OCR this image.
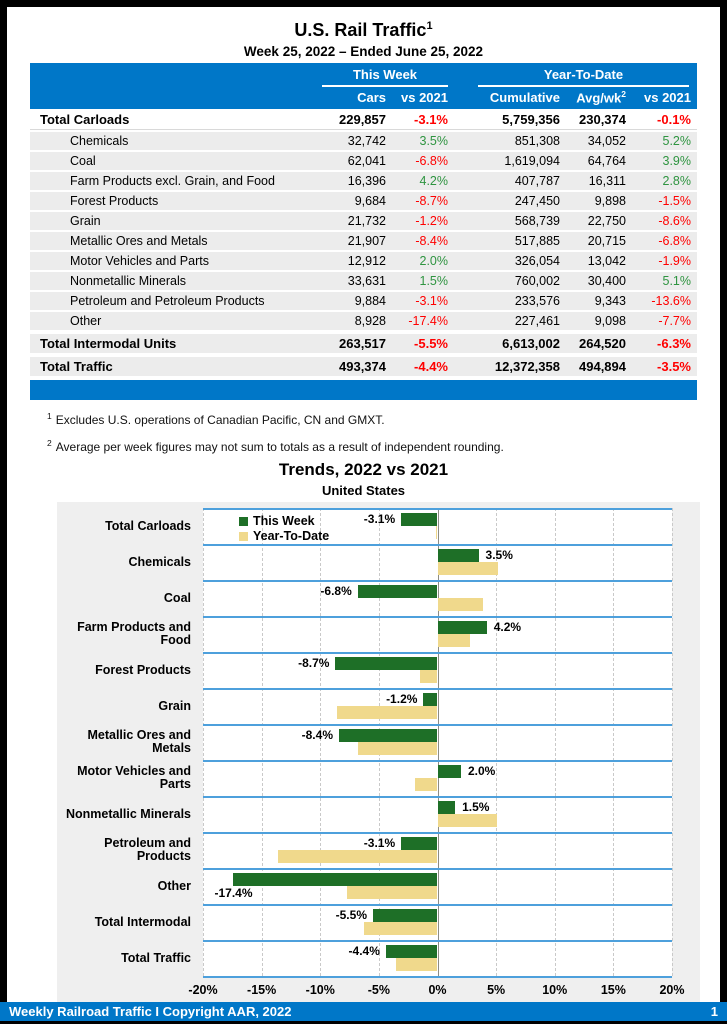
U.S. Rail Traffic$^1$
Week 25, 2022 – Ended June 25, 2022
This Week	Year-To-Date
Cars	vs 2021	Cumulative	Avg/$wk^2$	vs 2021
Total Carloads	229,857	-3.1%	5,759,356	230,374	-0.1%
Chemicals	32,742	3.5%	851,308	34,052	5.2%
Coal	62,041	-6.8%	1,619,094	64,764	3.9%
Farm Products excl. Grain, and Food	16,396	4.2%	407,787	16,311	2.8%
Forest Products	9,684	-8.7%	247,450	9,898	-1.5%
Grain	21,732	-1.2%	568,739	22,750	-8.6%
Metallic Ores and Metals	21,907	-8.4%	517,885	20,715	-6.8%
Motor Vehicles and Parts	12,912	2.0%	326,054	13,042	-1.9%
Nonmetallic Minerals	33,631	1.5%	760,002	30,400	5.1%
Petroleum and Petroleum Products	9,884	-3.1%	233,576	9,343	-13.6%
Other	8,928	-17.4%	227,461	9,098	-7.7%
Total Intermodal Units	263,517	-5.5%	6,613,002	264,520	-6.3%
Total Traffic	493,374	-4.4%	12,372,358	494,894	-3.5%
$^1$ Excludes U.S. operations of Canadian Pacific, CN and GMXT.
$^2$ Average per week figures may not sum to totals as a result of independent rounding.
Trends, 2022 vs 2021
United States
Total Carloads
Chemicals
Coal
Farm Products and Food
Forest Products
Grain
Metallic Ores and Metals
Motor Vehicles and Parts
Nonmetallic Minerals
Petroleum and Products
Other
Total Intermodal
Total Traffic
-3.1%
3.5%
-6.8%
4.2%
-8.7%
-1.2%
-8.4%
2.0%
1.5%
-3.1%
-17.4%
-5.5%
-4.4%
This Week
Year-To-Date
-20% -15% -10%	-5%	0%	5%	10%	15%	20%
Weekly Railroad Traffic I Copyright AAR, 2022	1
